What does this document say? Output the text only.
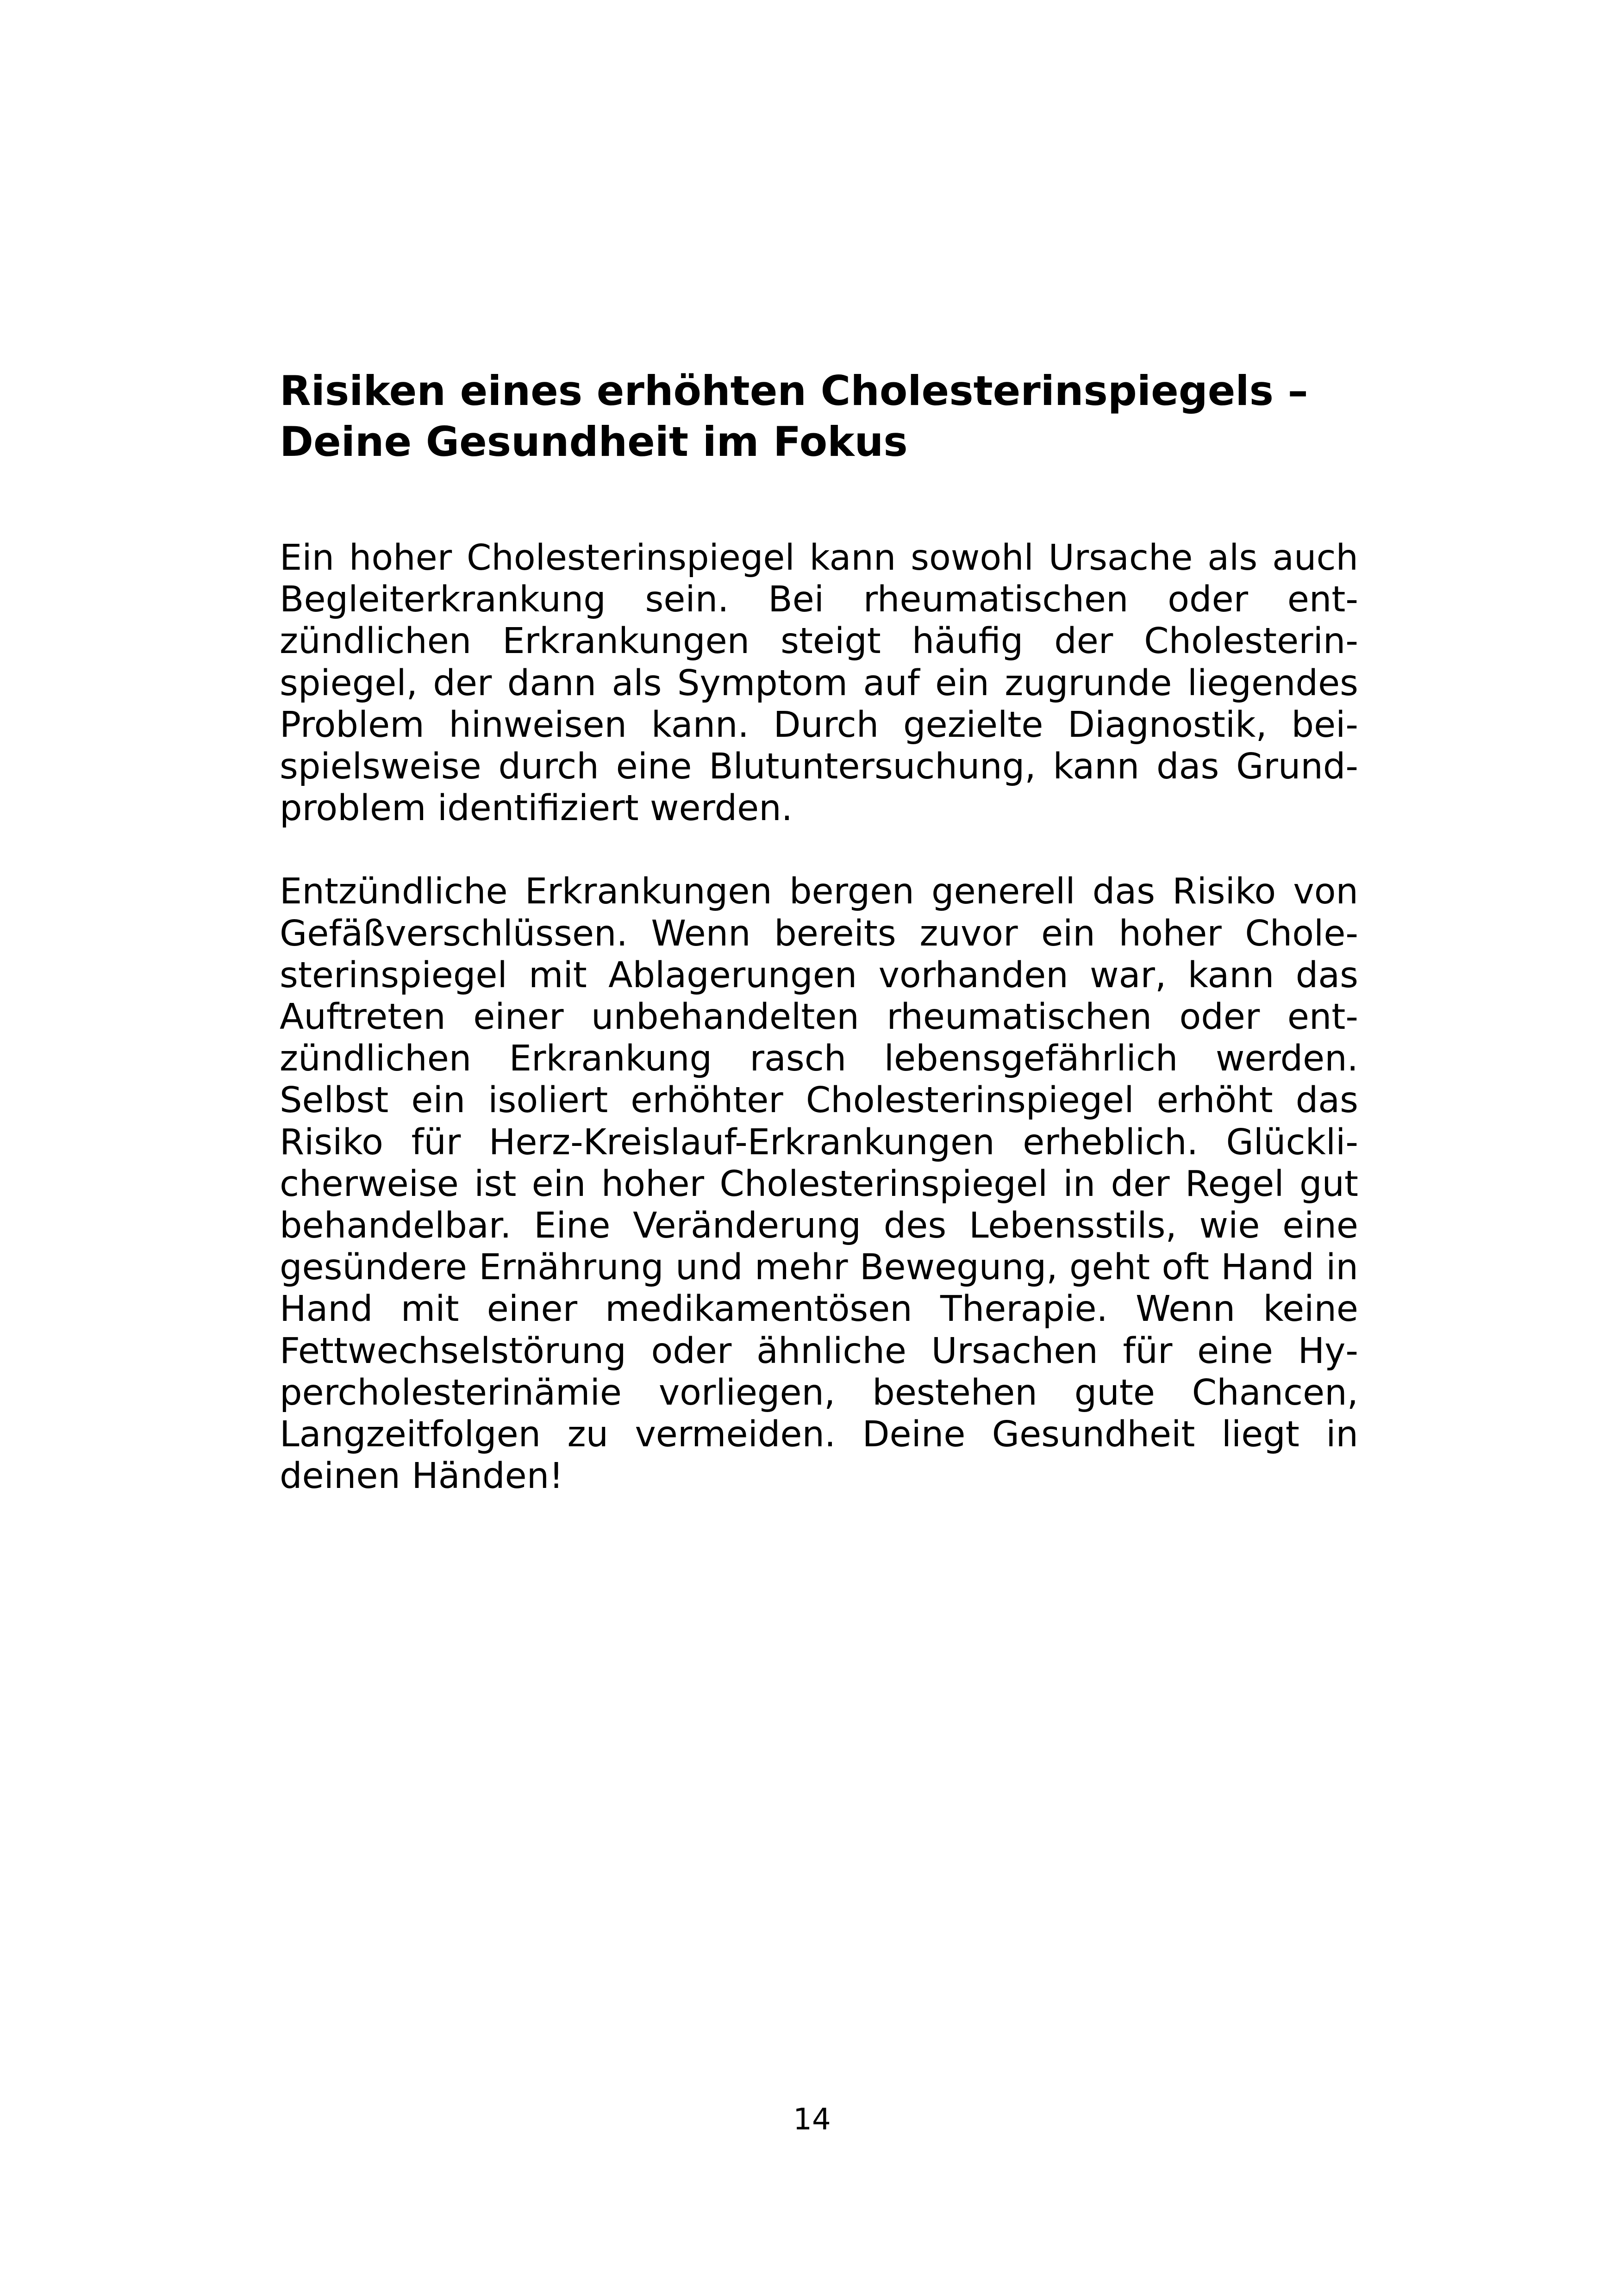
Risiken eines erhöhten Cholesterinspiegels –
Deine Gesundheit im Fokus

Ein hoher Cholesterinspiegel kann sowohl Ursache als auch Begleiterkrankung sein. Bei rheumatischen oder entzündlichen Erkrankungen steigt häufig der Cholesterinspiegel, der dann als Symptom auf ein zugrunde liegendes Problem hinweisen kann. Durch gezielte Diagnostik, beispielsweise durch eine Blutuntersuchung, kann das Grundproblem identifiziert werden.

Entzündliche Erkrankungen bergen generell das Risiko von Gefäßverschlüssen. Wenn bereits zuvor ein hoher Cholesterinspiegel mit Ablagerungen vorhanden war, kann das Auftreten einer unbehandelten rheumatischen oder entzündlichen Erkrankung rasch lebensgefährlich werden. Selbst ein isoliert erhöhter Cholesterinspiegel erhöht das Risiko für Herz-Kreislauf-Erkrankungen erheblich. Glücklicherweise ist ein hoher Cholesterinspiegel in der Regel gut behandelbar. Eine Veränderung des Lebensstils, wie eine gesündere Ernährung und mehr Bewegung, geht oft Hand in Hand mit einer medikamentösen Therapie. Wenn keine Fettwechselstörung oder ähnliche Ursachen für eine Hypercholesterinämie vorliegen, bestehen gute Chancen, Langzeitfolgen zu vermeiden. Deine Gesundheit liegt in deinen Händen!

14
